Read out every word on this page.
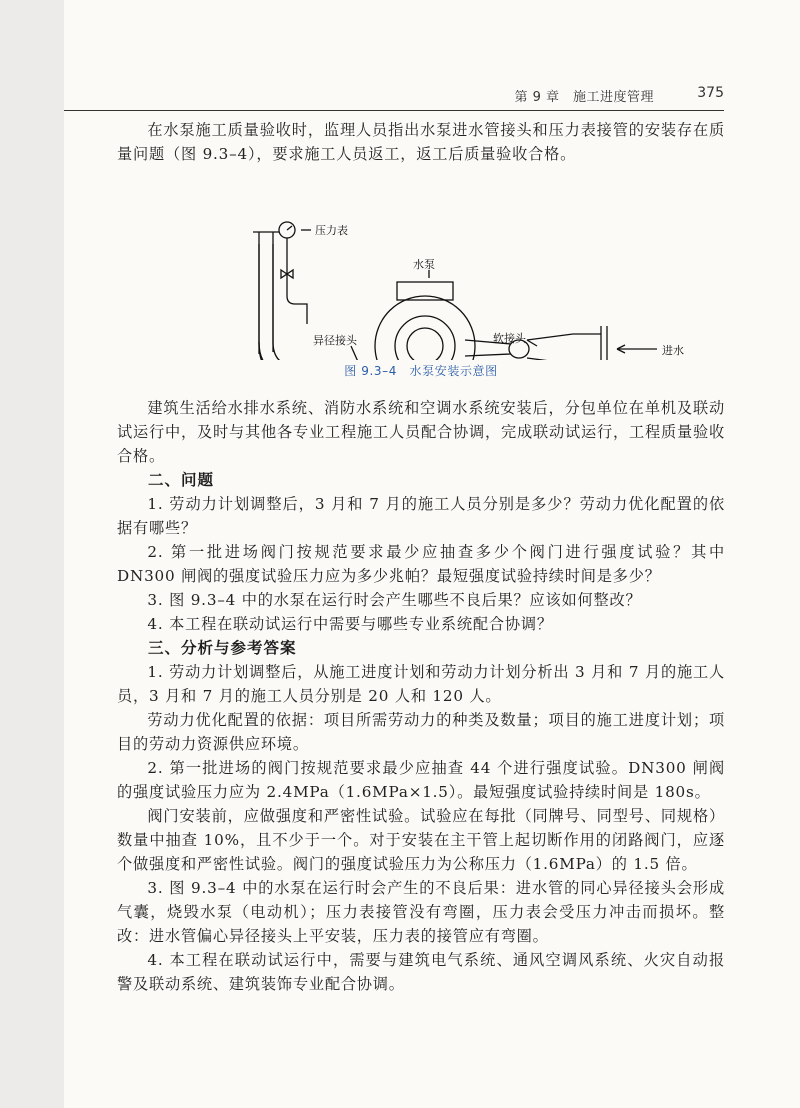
第 9 章　施工进度管理	375

在水泵施工质量验收时，监理人员指出水泵进水管接头和压力表接管的安装存在质量问题（图 9.3–4），要求施工人员返工，返工后质量验收合格。

压力表
水泵
异径接头	软接头
进水
图 9.3–4　水泵安装示意图

建筑生活给水排水系统、消防水系统和空调水系统安装后，分包单位在单机及联动试运行中，及时与其他各专业工程施工人员配合协调，完成联动试运行，工程质量验收合格。

二、问题

1. 劳动力计划调整后，3 月和 7 月的施工人员分别是多少？劳动力优化配置的依据有哪些？

2. 第一批进场阀门按规范要求最少应抽查多少个阀门进行强度试验？其中 DN300 闸阀的强度试验压力应为多少兆帕？最短强度试验持续时间是多少？

3. 图 9.3–4 中的水泵在运行时会产生哪些不良后果？应该如何整改？

4. 本工程在联动试运行中需要与哪些专业系统配合协调？

三、分析与参考答案

1. 劳动力计划调整后，从施工进度计划和劳动力计划分析出 3 月和 7 月的施工人员，3 月和 7 月的施工人员分别是 20 人和 120 人。

劳动力优化配置的依据：项目所需劳动力的种类及数量；项目的施工进度计划；项目的劳动力资源供应环境。

2. 第一批进场的阀门按规范要求最少应抽查 44 个进行强度试验。DN300 闸阀的强度试验压力应为 2.4MPa（1.6MPa×1.5）。最短强度试验持续时间是 180s。

阀门安装前，应做强度和严密性试验。试验应在每批（同牌号、同型号、同规格）数量中抽查 10%，且不少于一个。对于安装在主干管上起切断作用的闭路阀门，应逐个做强度和严密性试验。阀门的强度试验压力为公称压力（1.6MPa）的 1.5 倍。

3. 图 9.3–4 中的水泵在运行时会产生的不良后果：进水管的同心异径接头会形成气囊，烧毁水泵（电动机）；压力表接管没有弯圈，压力表会受压力冲击而损坏。整改：进水管偏心异径接头上平安装，压力表的接管应有弯圈。

4. 本工程在联动试运行中，需要与建筑电气系统、通风空调风系统、火灾自动报警及联动系统、建筑装饰专业配合协调。
